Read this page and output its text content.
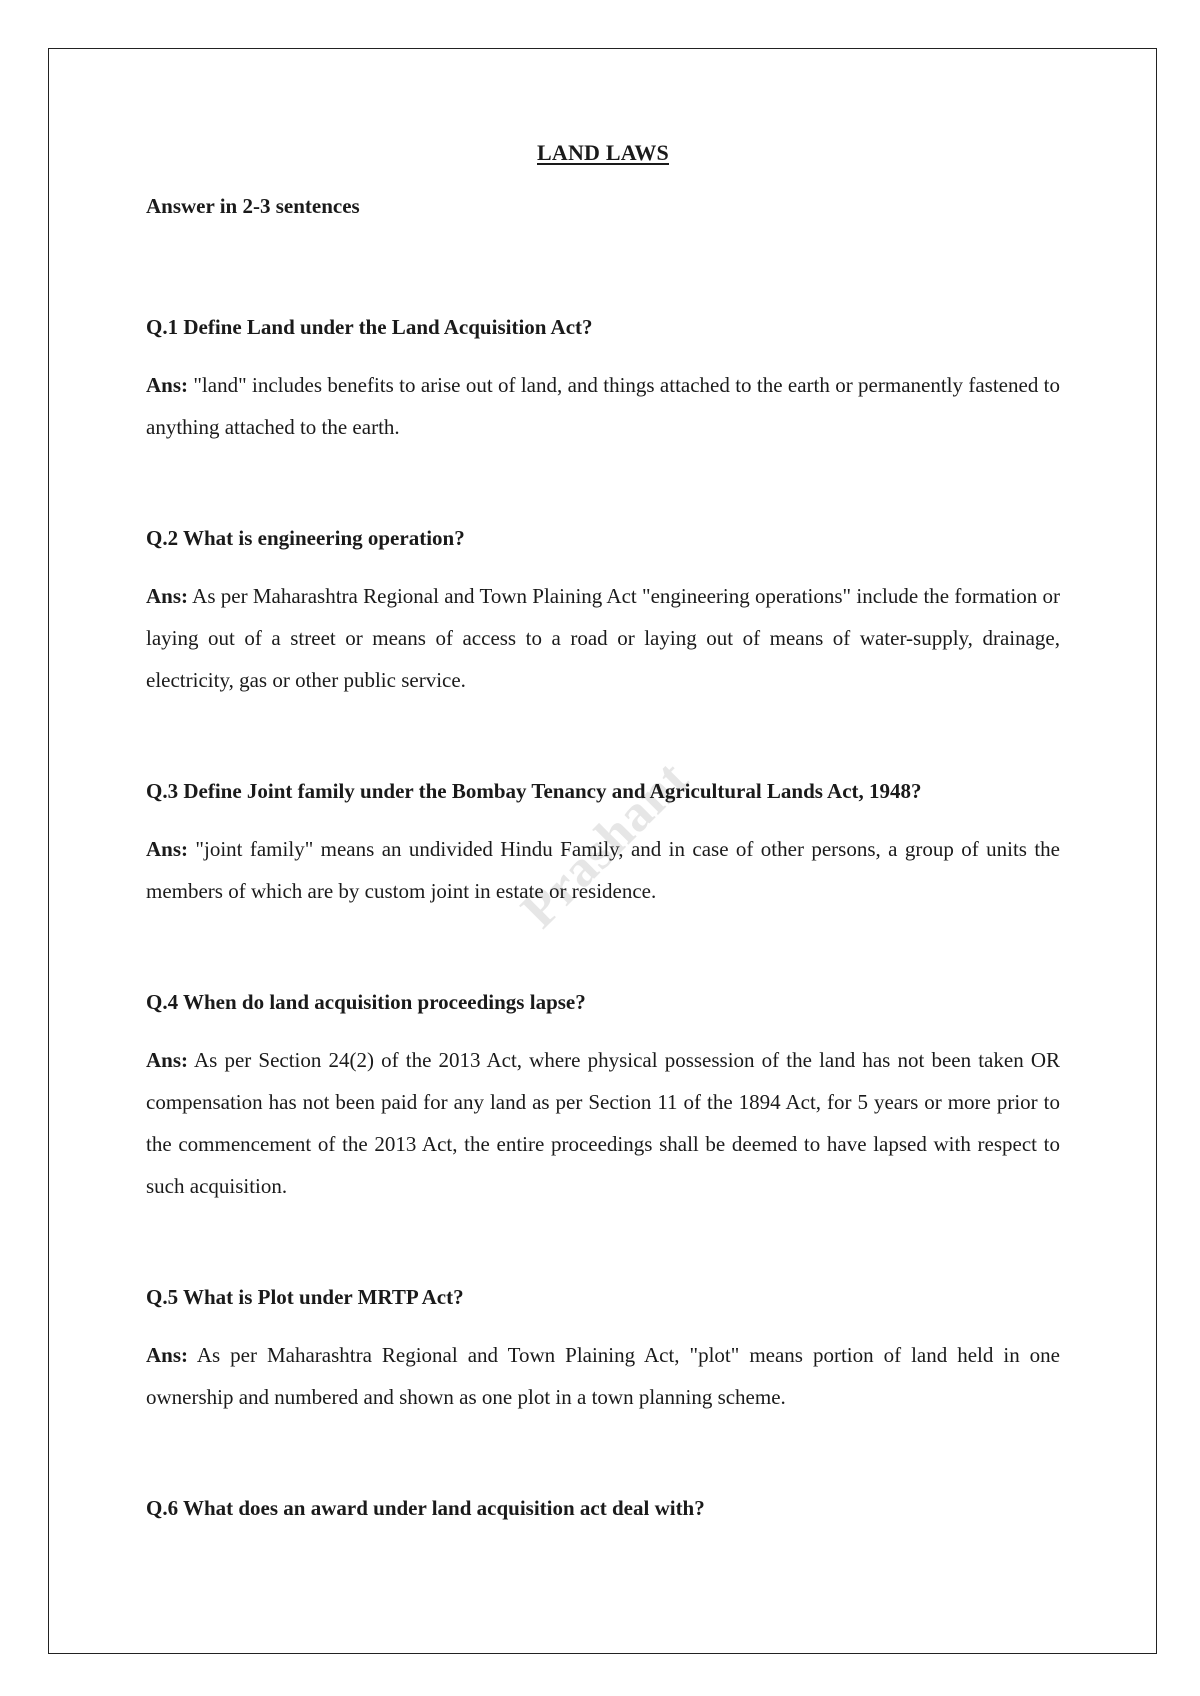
Prashant
LAND LAWS

Answer in 2-3 sentences

Q.1 Define Land under the Land Acquisition Act?

Ans: "land" includes benefits to arise out of land, and things attached to the earth or permanently fastened to anything attached to the earth.

Q.2 What is engineering operation?

Ans: As per Maharashtra Regional and Town Plaining Act "engineering operations" include the formation or laying out of a street or means of access to a road or laying out of means of water-supply, drainage, electricity, gas or other public service.

Q.3 Define Joint family under the Bombay Tenancy and Agricultural Lands Act, 1948?

Ans: "joint family" means an undivided Hindu Family, and in case of other persons, a group of units the members of which are by custom joint in estate or residence.

Q.4 When do land acquisition proceedings lapse?

Ans: As per Section 24(2) of the 2013 Act, where physical possession of the land has not been taken OR compensation has not been paid for any land as per Section 11 of the 1894 Act, for 5 years or more prior to the commencement of the 2013 Act, the entire proceedings shall be deemed to have lapsed with respect to such acquisition.

Q.5 What is Plot under MRTP Act?

Ans: As per Maharashtra Regional and Town Plaining Act, "plot" means portion of land held in one ownership and numbered and shown as one plot in a town planning scheme.

Q.6 What does an award under land acquisition act deal with?
